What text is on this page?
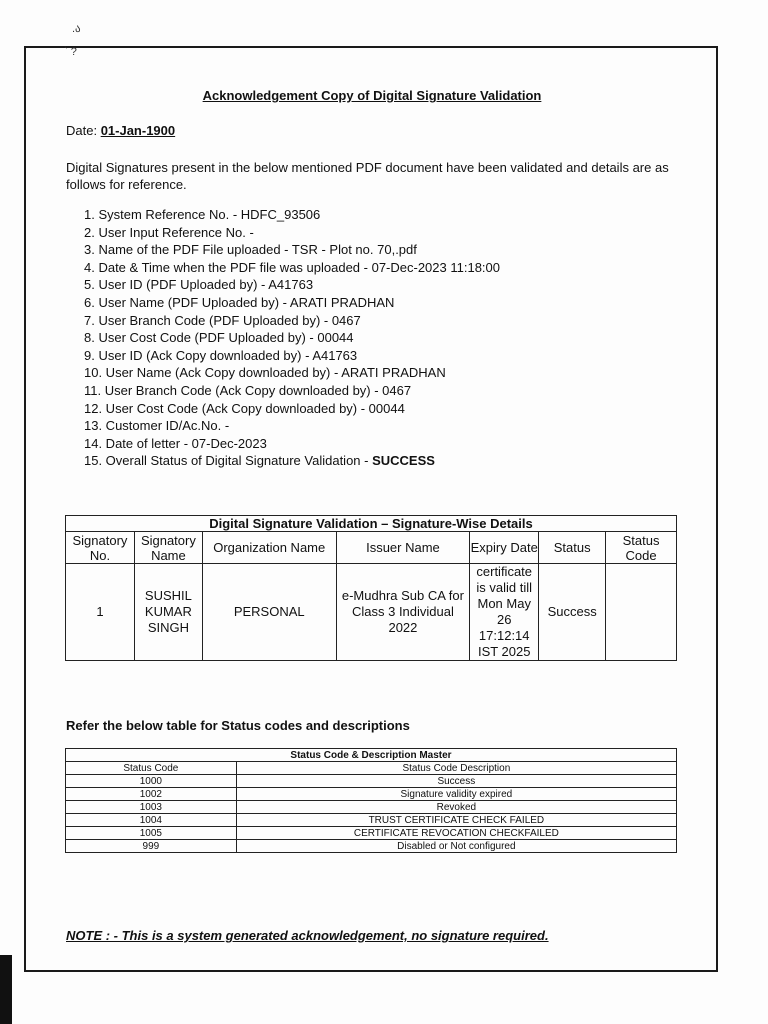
.ა
` ?
Acknowledgement Copy of Digital Signature Validation
Date: 01-Jan-1900
Digital Signatures present in the below mentioned PDF document have been validated and details are as follows for reference.
1. System Reference No. - HDFC_93506
2. User Input Reference No. -
3. Name of the PDF File uploaded - TSR - Plot no. 70,.pdf
4. Date & Time when the PDF file was uploaded - 07-Dec-2023 11:18:00
5. User ID (PDF Uploaded by) - A41763
6. User Name (PDF Uploaded by) - ARATI PRADHAN
7. User Branch Code (PDF Uploaded by) - 0467
8. User Cost Code (PDF Uploaded by) - 00044
9. User ID (Ack Copy downloaded by) - A41763
10. User Name (Ack Copy downloaded by) - ARATI PRADHAN
11. User Branch Code (Ack Copy downloaded by) - 0467
12. User Cost Code (Ack Copy downloaded by) - 00044
13. Customer ID/Ac.No. -
14. Date of letter - 07-Dec-2023
15. Overall Status of Digital Signature Validation - SUCCESS
Digital Signature Validation – Signature-Wise Details						
Signatory No.	Signatory Name	Organization Name	Issuer Name	Expiry Date	Status	Status Code
1	SUSHIL KUMAR SINGH	PERSONAL	e-Mudhra Sub CA for Class 3 Individual 2022	certificate is valid till Mon May 26 17:12:14 IST 2025	Success	
Refer the below table for Status codes and descriptions
Status Code & Description Master	
Status Code	Status Code Description
1000	Success
1002	Signature validity expired
1003	Revoked
1004	TRUST CERTIFICATE CHECK FAILED
1005	CERTIFICATE REVOCATION CHECKFAILED
999	Disabled or Not configured
NOTE : - This is a system generated acknowledgement, no signature required.
